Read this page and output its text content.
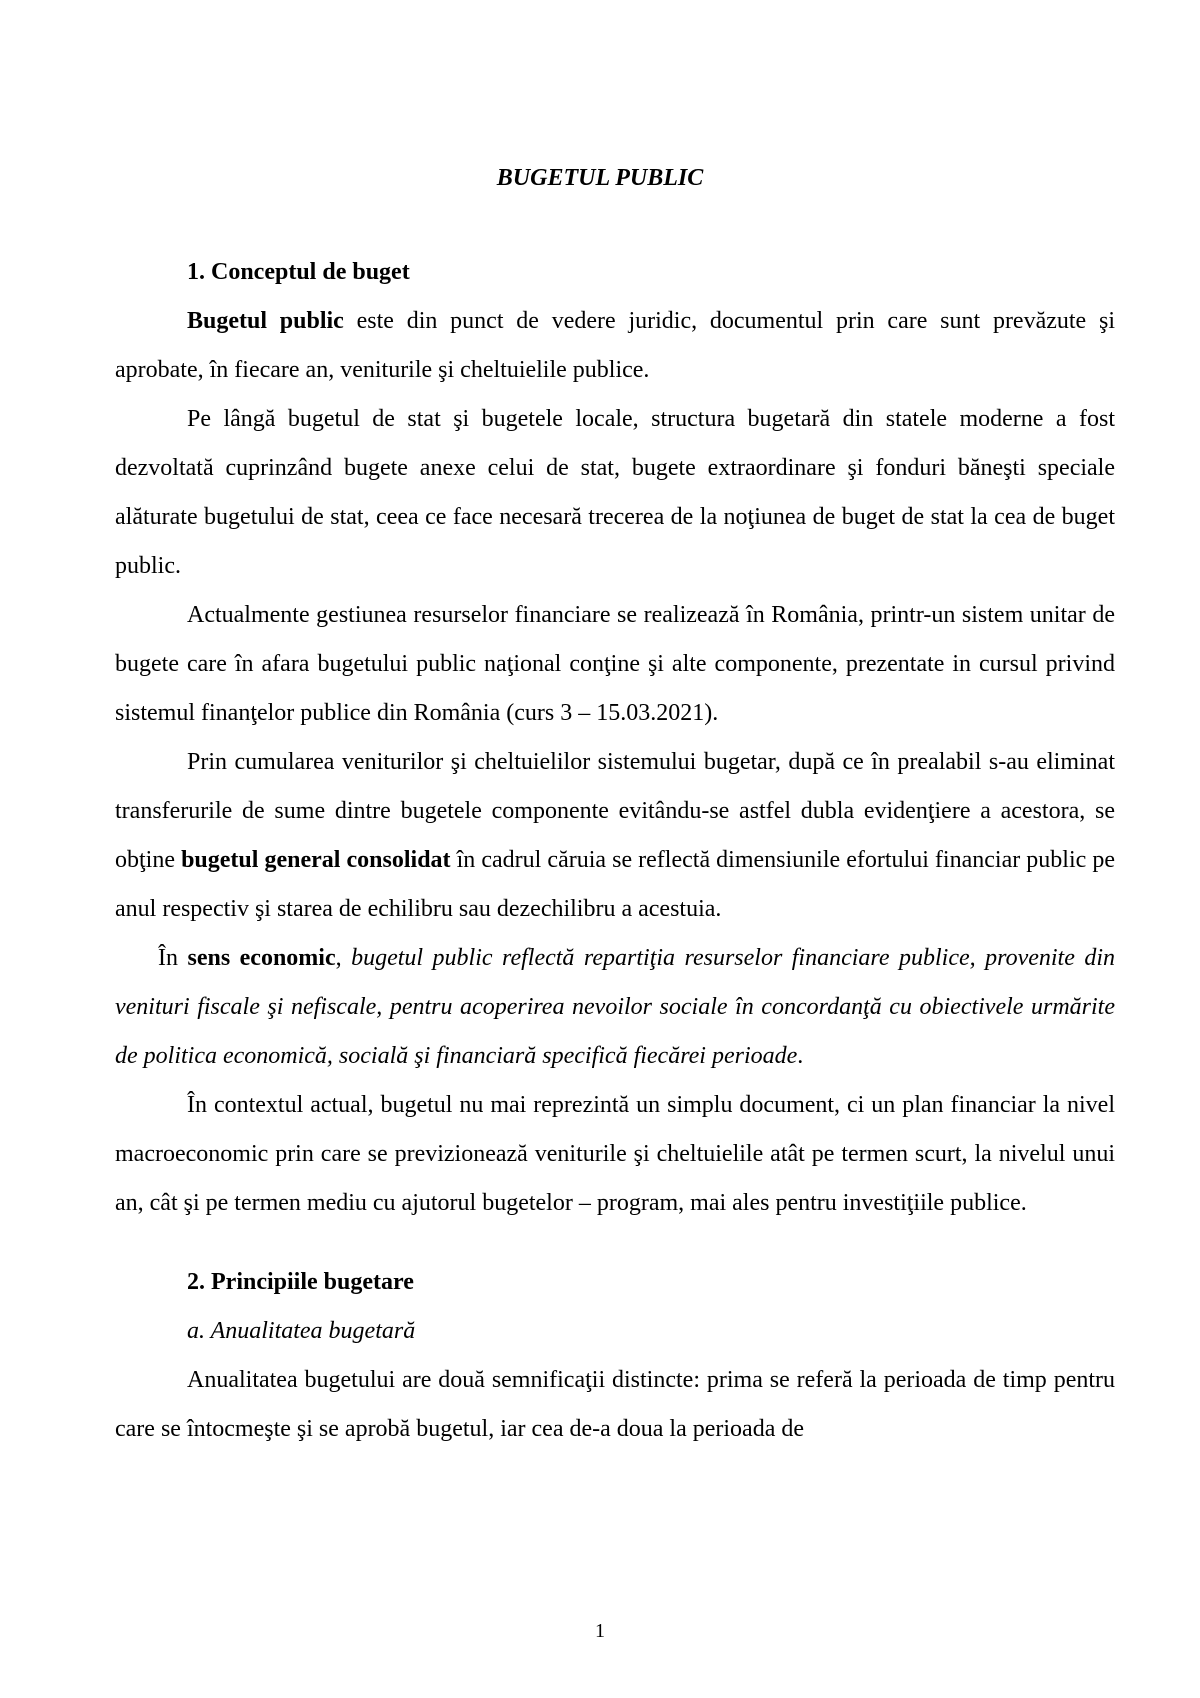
BUGETUL PUBLIC

1. Conceptul de buget

Bugetul public este din punct de vedere juridic, documentul prin care sunt prevăzute şi aprobate, în fiecare an, veniturile şi cheltuielile publice.

Pe lângă bugetul de stat şi bugetele locale, structura bugetară din statele moderne a fost dezvoltată cuprinzând bugete anexe celui de stat, bugete extraordinare şi fonduri băneşti speciale alăturate bugetului de stat, ceea ce face necesară trecerea de la noţiunea de buget de stat la cea de buget public.

Actualmente gestiunea resurselor financiare se realizează în România, printr-un sistem unitar de bugete care în afara bugetului public naţional conţine şi alte componente, prezentate in cursul privind sistemul finanţelor publice din România (curs 3 – 15.03.2021).

Prin cumularea veniturilor şi cheltuielilor sistemului bugetar, după ce în prealabil s-au eliminat transferurile de sume dintre bugetele componente evitându-se astfel dubla evidenţiere a acestora, se obţine bugetul general consolidat în cadrul căruia se reflectă dimensiunile efortului financiar public pe anul respectiv şi starea de echilibru sau dezechilibru a acestuia.

În sens economic, bugetul public reflectă repartiţia resurselor financiare publice, provenite din venituri fiscale şi nefiscale, pentru acoperirea nevoilor sociale în concordanţă cu obiectivele urmărite de politica economică, socială şi financiară specifică fiecărei perioade.

În contextul actual, bugetul nu mai reprezintă un simplu document, ci un plan financiar la nivel macroeconomic prin care se previzionează veniturile şi cheltuielile atât pe termen scurt, la nivelul unui an, cât şi pe termen mediu cu ajutorul bugetelor – program, mai ales pentru investiţiile publice.

2. Principiile bugetare

a. Anualitatea bugetară

Anualitatea bugetului are două semnificaţii distincte: prima se referă la perioada de timp pentru care se întocmeşte şi se aprobă bugetul, iar cea de-a doua la perioada de

1
